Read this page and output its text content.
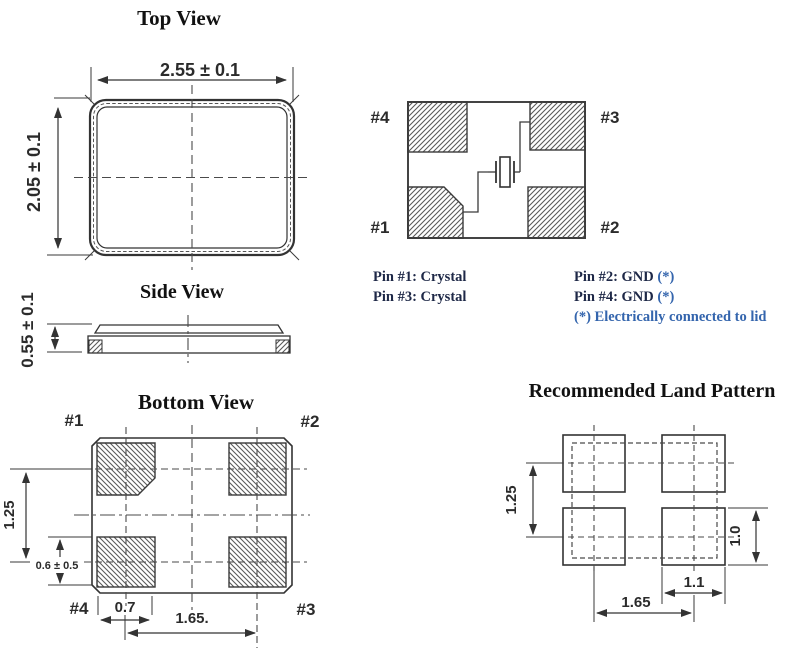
Top View
2.55 ± 0.1
2.05 ± 0.1
Side View
0.55 ± 0.1
Bottom View
#1	#2
#4	#3
1.25
0.6 ± 0.5
0.7
1.65.
#4	#3
#1	#2
Pin #1: Crystal
Pin #3: Crystal
Pin #2: GND (*)
Pin #4: GND (*)
(*) Electrically connected to lid
Recommended Land Pattern
1.25
1.0
1.1
1.65
